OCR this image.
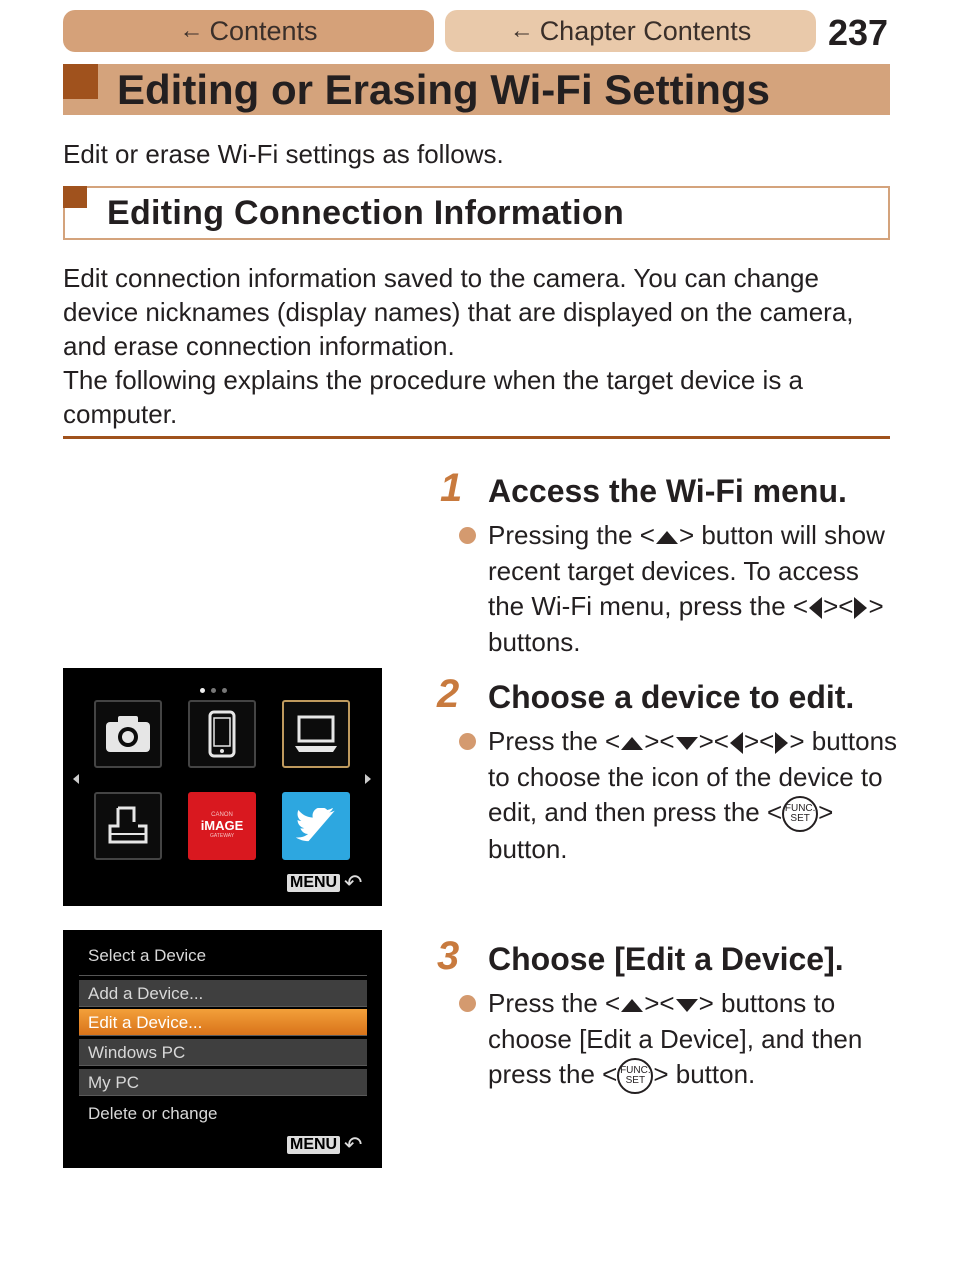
← Contents	← Chapter Contents 237
Editing or Erasing Wi-Fi Settings
Edit or erase Wi-Fi settings as follows.
Editing Connection Information
Edit connection information saved to the camera. You can change device nicknames (display names) that are displayed on the camera, and erase connection information.
The following explains the procedure when the target device is a computer.
1 Access the Wi-Fi menu.
Pressing the < > button will show recent target devices. To access the Wi-Fi menu, press the < >< > buttons.
2 Choose a device to edit.
Press the < >< >< >< > buttons to choose the icon of the device to edit, and then press the < FUNC.
SET > button.
3 Choose [Edit a Device].
Press the < >< > buttons to choose [Edit a Device], and then press the < FUNC.
SET > button.
CANON
iMAGE
GATEWAY
MENU ↶
Select a Device
Add a Device...
Edit a Device...
Windows PC
My PC
Delete or change
MENU ↶
